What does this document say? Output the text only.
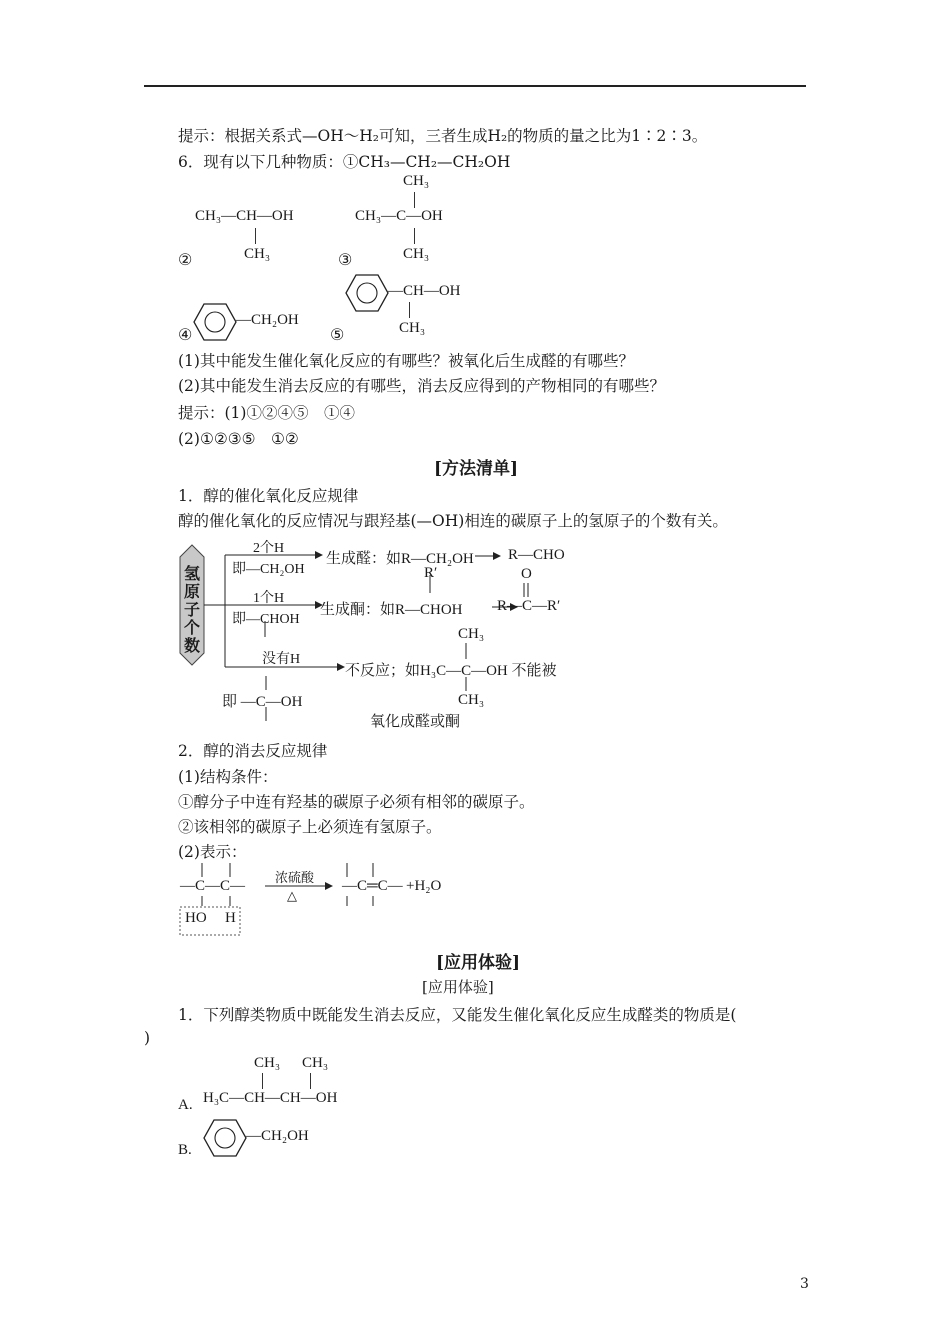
提示：根据关系式—OH～H₂可知，三者生成H₂的物质的量之比为1∶2∶3。
6．现有以下几种物质：①CH₃—CH₂—CH₂OH
②
CH₃—CH—OH
CH₃	③
CH₃
CH₃—C—OH
CH₃
④
—CH₂OH
⑤
—CH—OH
CH₃
(1)其中能发生催化氧化反应的有哪些？被氧化后生成醛的有哪些？
(2)其中能发生消去反应的有哪些，消去反应得到的产物相同的有哪些？
提示：(1)①②④⑤　①④
(2)①②③⑤　①②
[方法清单]
1．醇的催化氧化反应规律
醇的催化氧化的反应情况与跟羟基(—OH)相连的碳原子上的氢原子的个数有关。
氢原子个数
2个H
即—CH₂OH
生成醛：如R—CH₂OH R—CHO
R′	O
1个H
即—CHOH
生成酮：如R—CHOH R—C—R′
CH₃
没有H
不反应；如H₃C—C—OH 不能被
即 —C—OH	CH₃
氧化成醛或酮
2．醇的消去反应规律
(1)结构条件：
①醇分子中连有羟基的碳原子必须有相邻的碳原子。
②该相邻的碳原子上必须连有氢原子。
(2)表示：
—C—C—
HO H
浓硫酸
△
—C═C— +H₂O
[应用体验]
[应用体验]
1．下列醇类物质中既能发生消去反应，又能发生催化氧化反应生成醛类的物质是(
)
CH₃ CH₃
A. H₃C—CH—CH—OH
B.
—CH₂OH
3
